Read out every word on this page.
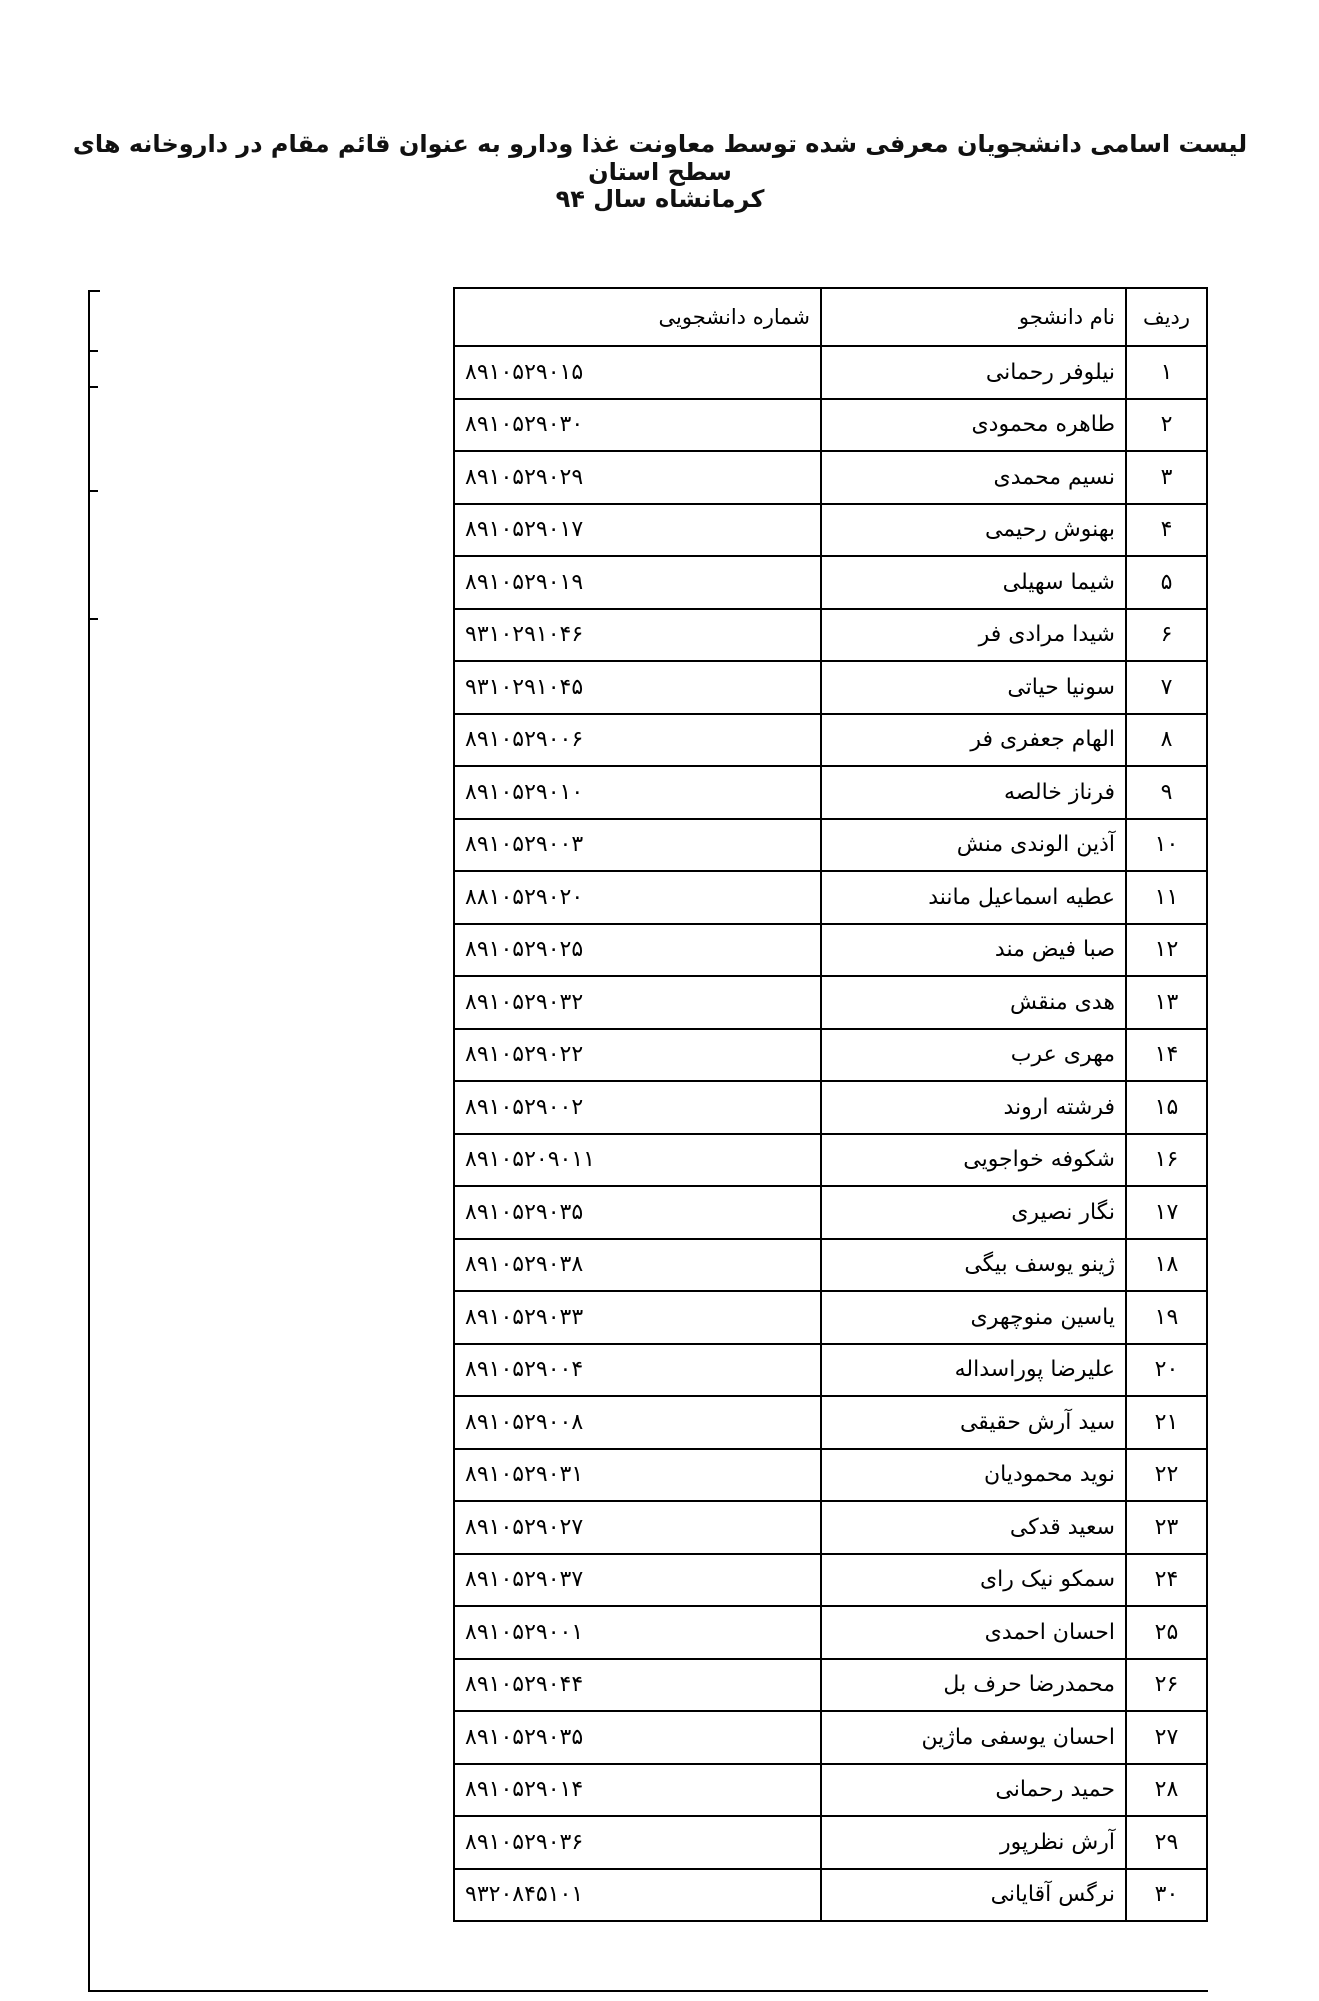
لیست اسامی دانشجویان معرفی شده توسط معاونت غذا ودارو به عنوان قائم مقام در داروخانه های سطح استان
کرمانشاه سال ۹۴
ردیف	نام دانشجو	شماره دانشجویی
۱	نیلوفر رحمانی	۸۹۱۰۵۲۹۰۱۵
۲	طاهره محمودی	۸۹۱۰۵۲۹۰۳۰
۳	نسیم محمدی	۸۹۱۰۵۲۹۰۲۹
۴	بهنوش رحیمی	۸۹۱۰۵۲۹۰۱۷
۵	شیما سهیلی	۸۹۱۰۵۲۹۰۱۹
۶	شیدا مرادی فر	۹۳۱۰۲۹۱۰۴۶
۷	سونیا حیاتی	۹۳۱۰۲۹۱۰۴۵
۸	الهام جعفری فر	۸۹۱۰۵۲۹۰۰۶
۹	فرناز خالصه	۸۹۱۰۵۲۹۰۱۰
۱۰	آذین الوندی منش	۸۹۱۰۵۲۹۰۰۳
۱۱	عطیه اسماعیل مانند	۸۸۱۰۵۲۹۰۲۰
۱۲	صبا فیض مند	۸۹۱۰۵۲۹۰۲۵
۱۳	هدی منقش	۸۹۱۰۵۲۹۰۳۲
۱۴	مهری عرب	۸۹۱۰۵۲۹۰۲۲
۱۵	فرشته اروند	۸۹۱۰۵۲۹۰۰۲
۱۶	شکوفه خواجویی	۸۹۱۰۵۲۰۹۰۱۱
۱۷	نگار نصیری	۸۹۱۰۵۲۹۰۳۵
۱۸	ژینو یوسف بیگی	۸۹۱۰۵۲۹۰۳۸
۱۹	یاسین منوچهری	۸۹۱۰۵۲۹۰۳۳
۲۰	علیرضا پوراسداله	۸۹۱۰۵۲۹۰۰۴
۲۱	سید آرش حقیقی	۸۹۱۰۵۲۹۰۰۸
۲۲	نوید محمودیان	۸۹۱۰۵۲۹۰۳۱
۲۳	سعید قدکی	۸۹۱۰۵۲۹۰۲۷
۲۴	سمکو نیک رای	۸۹۱۰۵۲۹۰۳۷
۲۵	احسان احمدی	۸۹۱۰۵۲۹۰۰۱
۲۶	محمدرضا حرف بل	۸۹۱۰۵۲۹۰۴۴
۲۷	احسان یوسفی ماژین	۸۹۱۰۵۲۹۰۳۵
۲۸	حمید رحمانی	۸۹۱۰۵۲۹۰۱۴
۲۹	آرش نظرپور	۸۹۱۰۵۲۹۰۳۶
۳۰	نرگس آقایانی	۹۳۲۰۸۴۵۱۰۱
